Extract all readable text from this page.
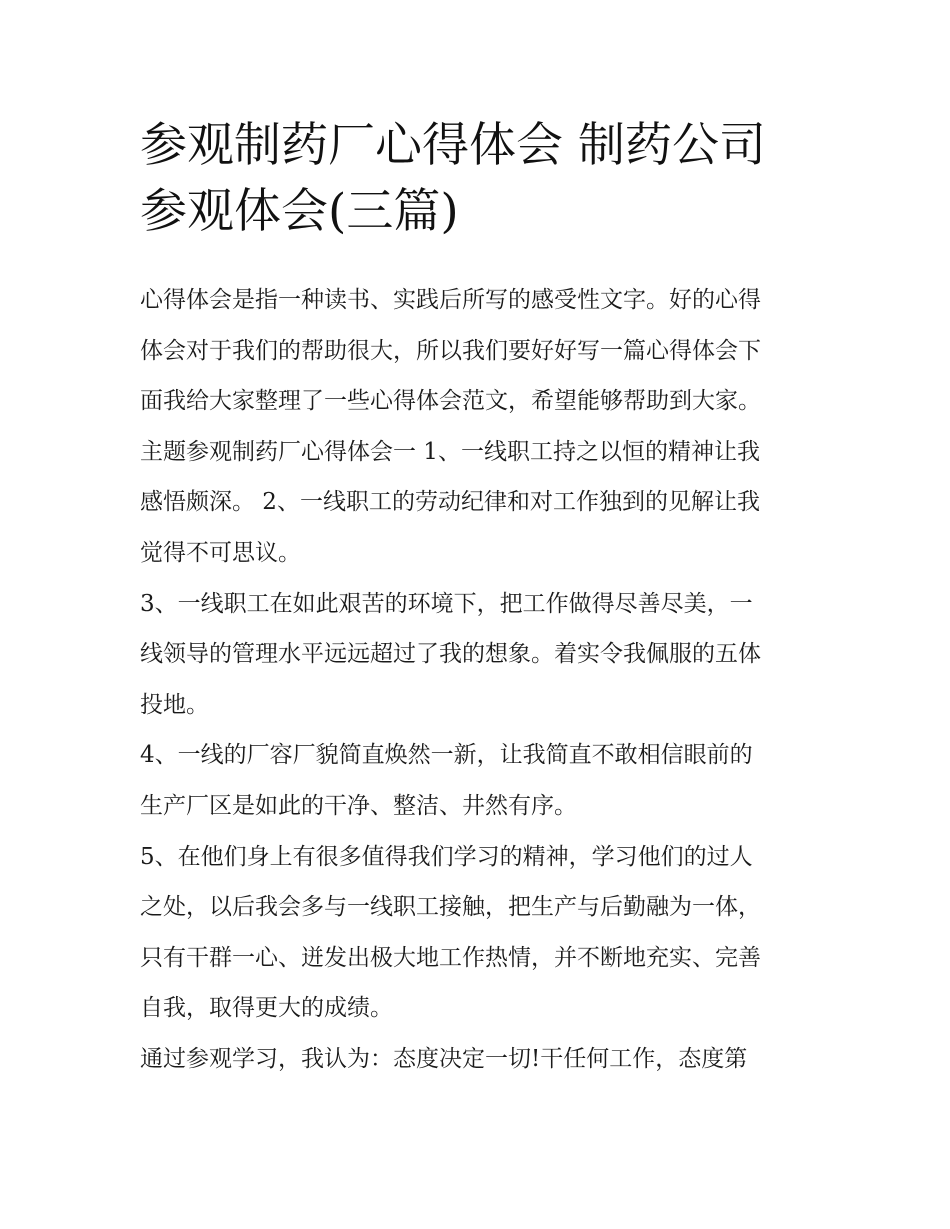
参观制药厂心得体会 制药公司
参观体会(三篇)

心得体会是指一种读书、实践后所写的感受性文字。好的心得
体会对于我们的帮助很大，所以我们要好好写一篇心得体会下
面我给大家整理了一些心得体会范文，希望能够帮助到大家。
主题参观制药厂心得体会一 1、一线职工持之以恒的精神让我
感悟颇深。 2、一线职工的劳动纪律和对工作独到的见解让我
觉得不可思议。

3、一线职工在如此艰苦的环境下，把工作做得尽善尽美，一
线领导的管理水平远远超过了我的想象。着实令我佩服的五体
投地。

4、一线的厂容厂貌简直焕然一新，让我简直不敢相信眼前的
生产厂区是如此的干净、整洁、井然有序。

5、在他们身上有很多值得我们学习的精神，学习他们的过人
之处，以后我会多与一线职工接触，把生产与后勤融为一体，
只有干群一心、迸发出极大地工作热情，并不断地充实、完善
自我，取得更大的成绩。

通过参观学习，我认为：态度决定一切!干任何工作，态度第
